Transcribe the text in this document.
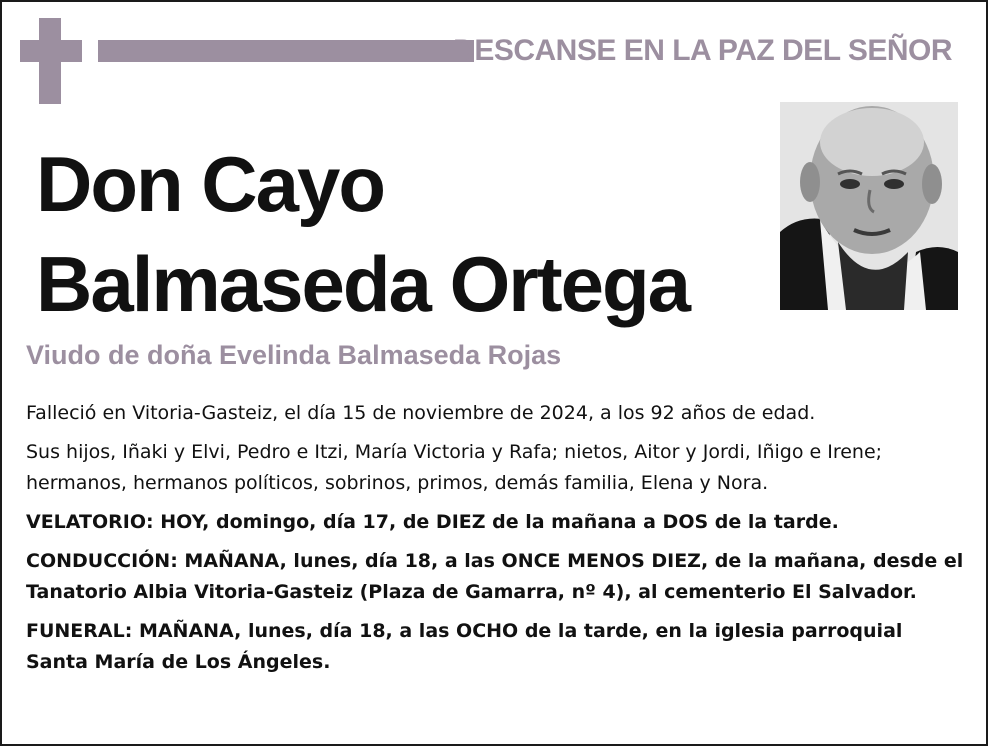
DESCANSE EN LA PAZ DEL SEÑOR
Don Cayo
Balmaseda Ortega
Viudo de doña Evelinda Balmaseda Rojas

Falleció en Vitoria-Gasteiz, el día 15 de noviembre de 2024, a los 92 años de edad.

Sus hijos, Iñaki y Elvi, Pedro e Itzi, María Victoria y Rafa; nietos, Aitor y Jordi, Iñigo e Irene; hermanos, hermanos políticos, sobrinos, primos, demás familia, Elena y Nora.

VELATORIO: HOY, domingo, día 17, de DIEZ de la mañana a DOS de la tarde.

CONDUCCIÓN: MAÑANA, lunes, día 18, a las ONCE MENOS DIEZ, de la mañana, desde el Tanatorio Albia Vitoria-Gasteiz (Plaza de Gamarra, nº 4), al cementerio El Salvador.

FUNERAL: MAÑANA, lunes, día 18, a las OCHO de la tarde, en la iglesia parroquial Santa María de Los Ángeles.
